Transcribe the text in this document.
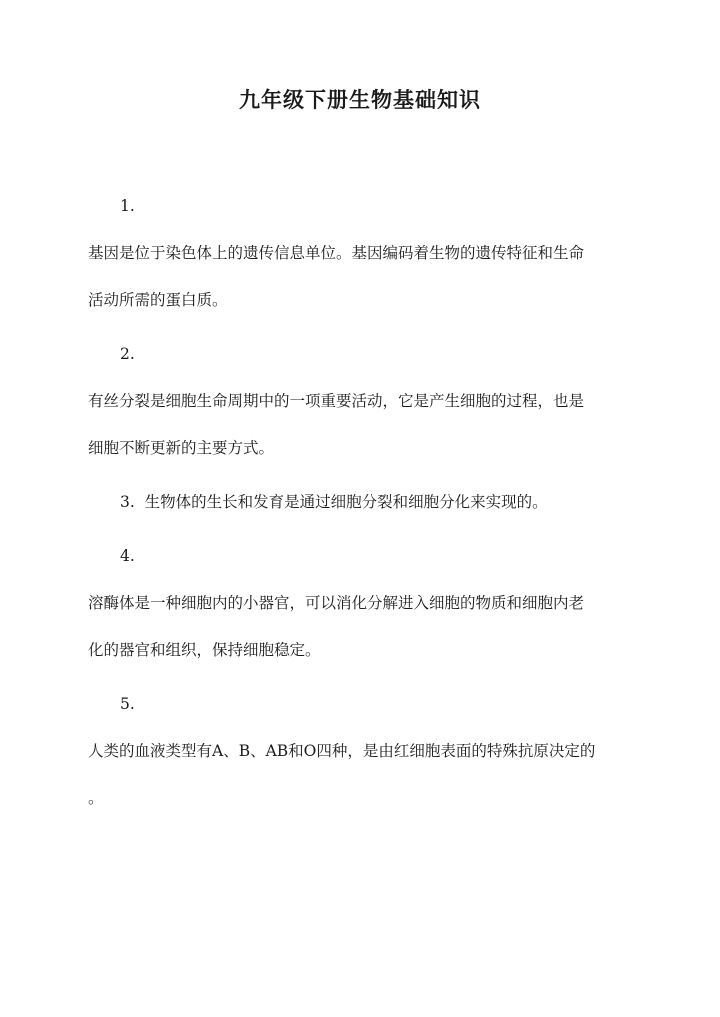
九年级下册生物基础知识

1.

基因是位于染色体上的遗传信息单位。基因编码着生物的遗传特征和生命

活动所需的蛋白质。

2.

有丝分裂是细胞生命周期中的一项重要活动，它是产生细胞的过程，也是

细胞不断更新的主要方式。

3. 生物体的生长和发育是通过细胞分裂和细胞分化来实现的。

4.

溶酶体是一种细胞内的小器官，可以消化分解进入细胞的物质和细胞内老

化的器官和组织，保持细胞稳定。

5.

人类的血液类型有A、B、AB和O四种，是由红细胞表面的特殊抗原决定的

。
